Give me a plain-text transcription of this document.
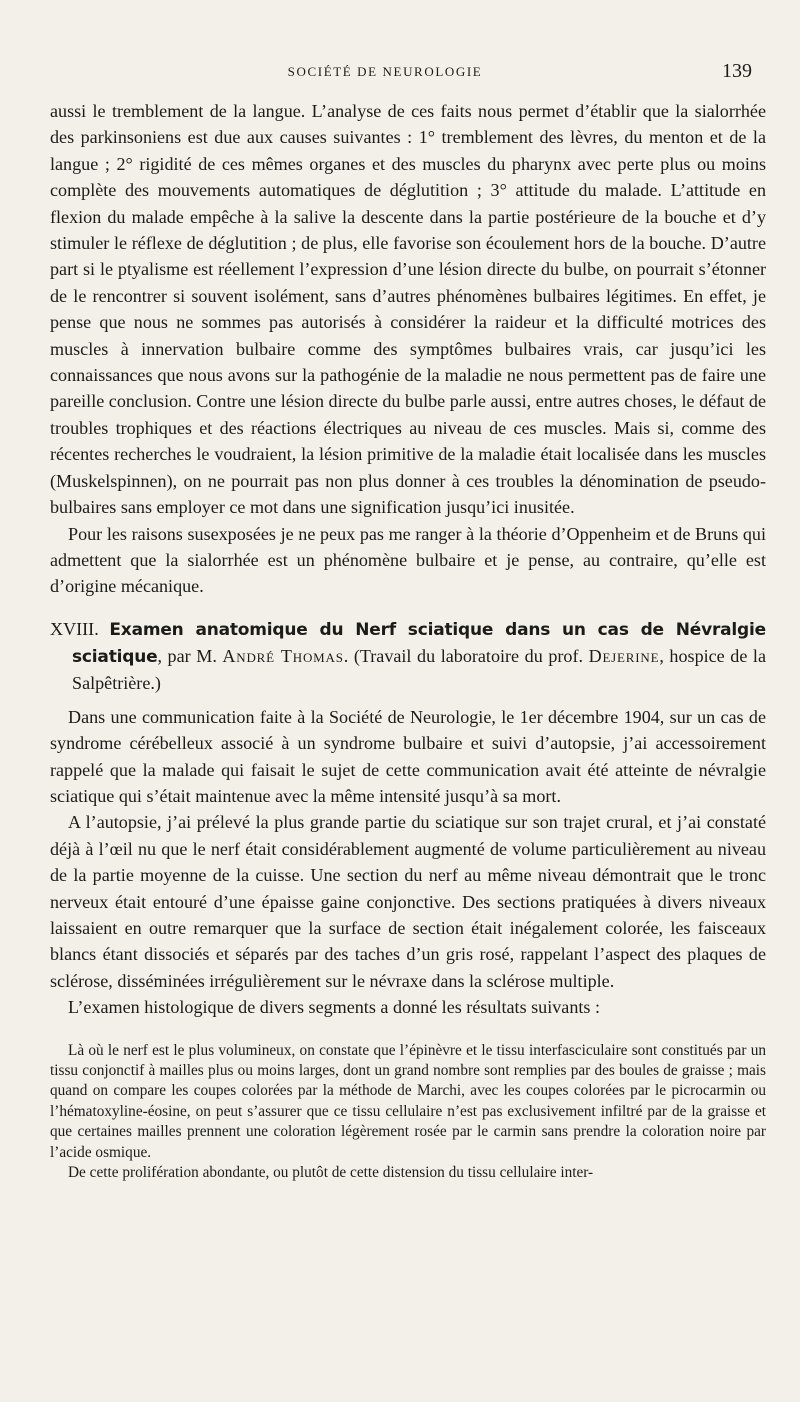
SOCIÉTÉ DE NEUROLOGIE	139

aussi le tremblement de la langue. L’analyse de ces faits nous permet d’établir que la sialorrhée des parkinsoniens est due aux causes suivantes : 1° tremblement des lèvres, du menton et de la langue ; 2° rigidité de ces mêmes organes et des muscles du pharynx avec perte plus ou moins complète des mouvements automatiques de déglutition ; 3° attitude du malade. L’attitude en flexion du malade empêche à la salive la descente dans la partie postérieure de la bouche et d’y stimuler le réflexe de déglutition ; de plus, elle favorise son écoulement hors de la bouche. D’autre part si le ptyalisme est réellement l’expression d’une lésion directe du bulbe, on pourrait s’étonner de le rencontrer si souvent isolément, sans d’autres phénomènes bulbaires légitimes. En effet, je pense que nous ne sommes pas autorisés à considérer la raideur et la difficulté motrices des muscles à innervation bulbaire comme des symptômes bulbaires vrais, car jusqu’ici les connaissances que nous avons sur la pathogénie de la maladie ne nous permettent pas de faire une pareille conclusion. Contre une lésion directe du bulbe parle aussi, entre autres choses, le défaut de troubles trophiques et des réactions électriques au niveau de ces muscles. Mais si, comme des récentes recherches le voudraient, la lésion primitive de la maladie était localisée dans les muscles (Muskelspinnen), on ne pourrait pas non plus donner à ces troubles la dénomination de pseudo-bulbaires sans employer ce mot dans une signification jusqu’ici inusitée.

Pour les raisons susexposées je ne peux pas me ranger à la théorie d’Oppenheim et de Bruns qui admettent que la sialorrhée est un phénomène bulbaire et je pense, au contraire, qu’elle est d’origine mécanique.

XVIII. Examen anatomique du Nerf sciatique dans un cas de Névralgie sciatique, par M. André Thomas. (Travail du laboratoire du prof. Dejerine, hospice de la Salpêtrière.)

Dans une communication faite à la Société de Neurologie, le 1er décembre 1904, sur un cas de syndrome cérébelleux associé à un syndrome bulbaire et suivi d’autopsie, j’ai accessoirement rappelé que la malade qui faisait le sujet de cette communication avait été atteinte de névralgie sciatique qui s’était maintenue avec la même intensité jusqu’à sa mort.

A l’autopsie, j’ai prélevé la plus grande partie du sciatique sur son trajet crural, et j’ai constaté déjà à l’œil nu que le nerf était considérablement augmenté de volume particulièrement au niveau de la partie moyenne de la cuisse. Une section du nerf au même niveau démontrait que le tronc nerveux était entouré d’une épaisse gaine conjonctive. Des sections pratiquées à divers niveaux laissaient en outre remarquer que la surface de section était inégalement colorée, les faisceaux blancs étant dissociés et séparés par des taches d’un gris rosé, rappelant l’aspect des plaques de sclérose, disséminées irrégulièrement sur le névraxe dans la sclérose multiple.

L’examen histologique de divers segments a donné les résultats suivants :

Là où le nerf est le plus volumineux, on constate que l’épinèvre et le tissu interfasciculaire sont constitués par un tissu conjonctif à mailles plus ou moins larges, dont un grand nombre sont remplies par des boules de graisse ; mais quand on compare les coupes colorées par la méthode de Marchi, avec les coupes colorées par le picrocarmin ou l’hématoxyline-éosine, on peut s’assurer que ce tissu cellulaire n’est pas exclusivement infiltré par de la graisse et que certaines mailles prennent une coloration légèrement rosée par le carmin sans prendre la coloration noire par l’acide osmique.

De cette prolifération abondante, ou plutôt de cette distension du tissu cellulaire inter-
